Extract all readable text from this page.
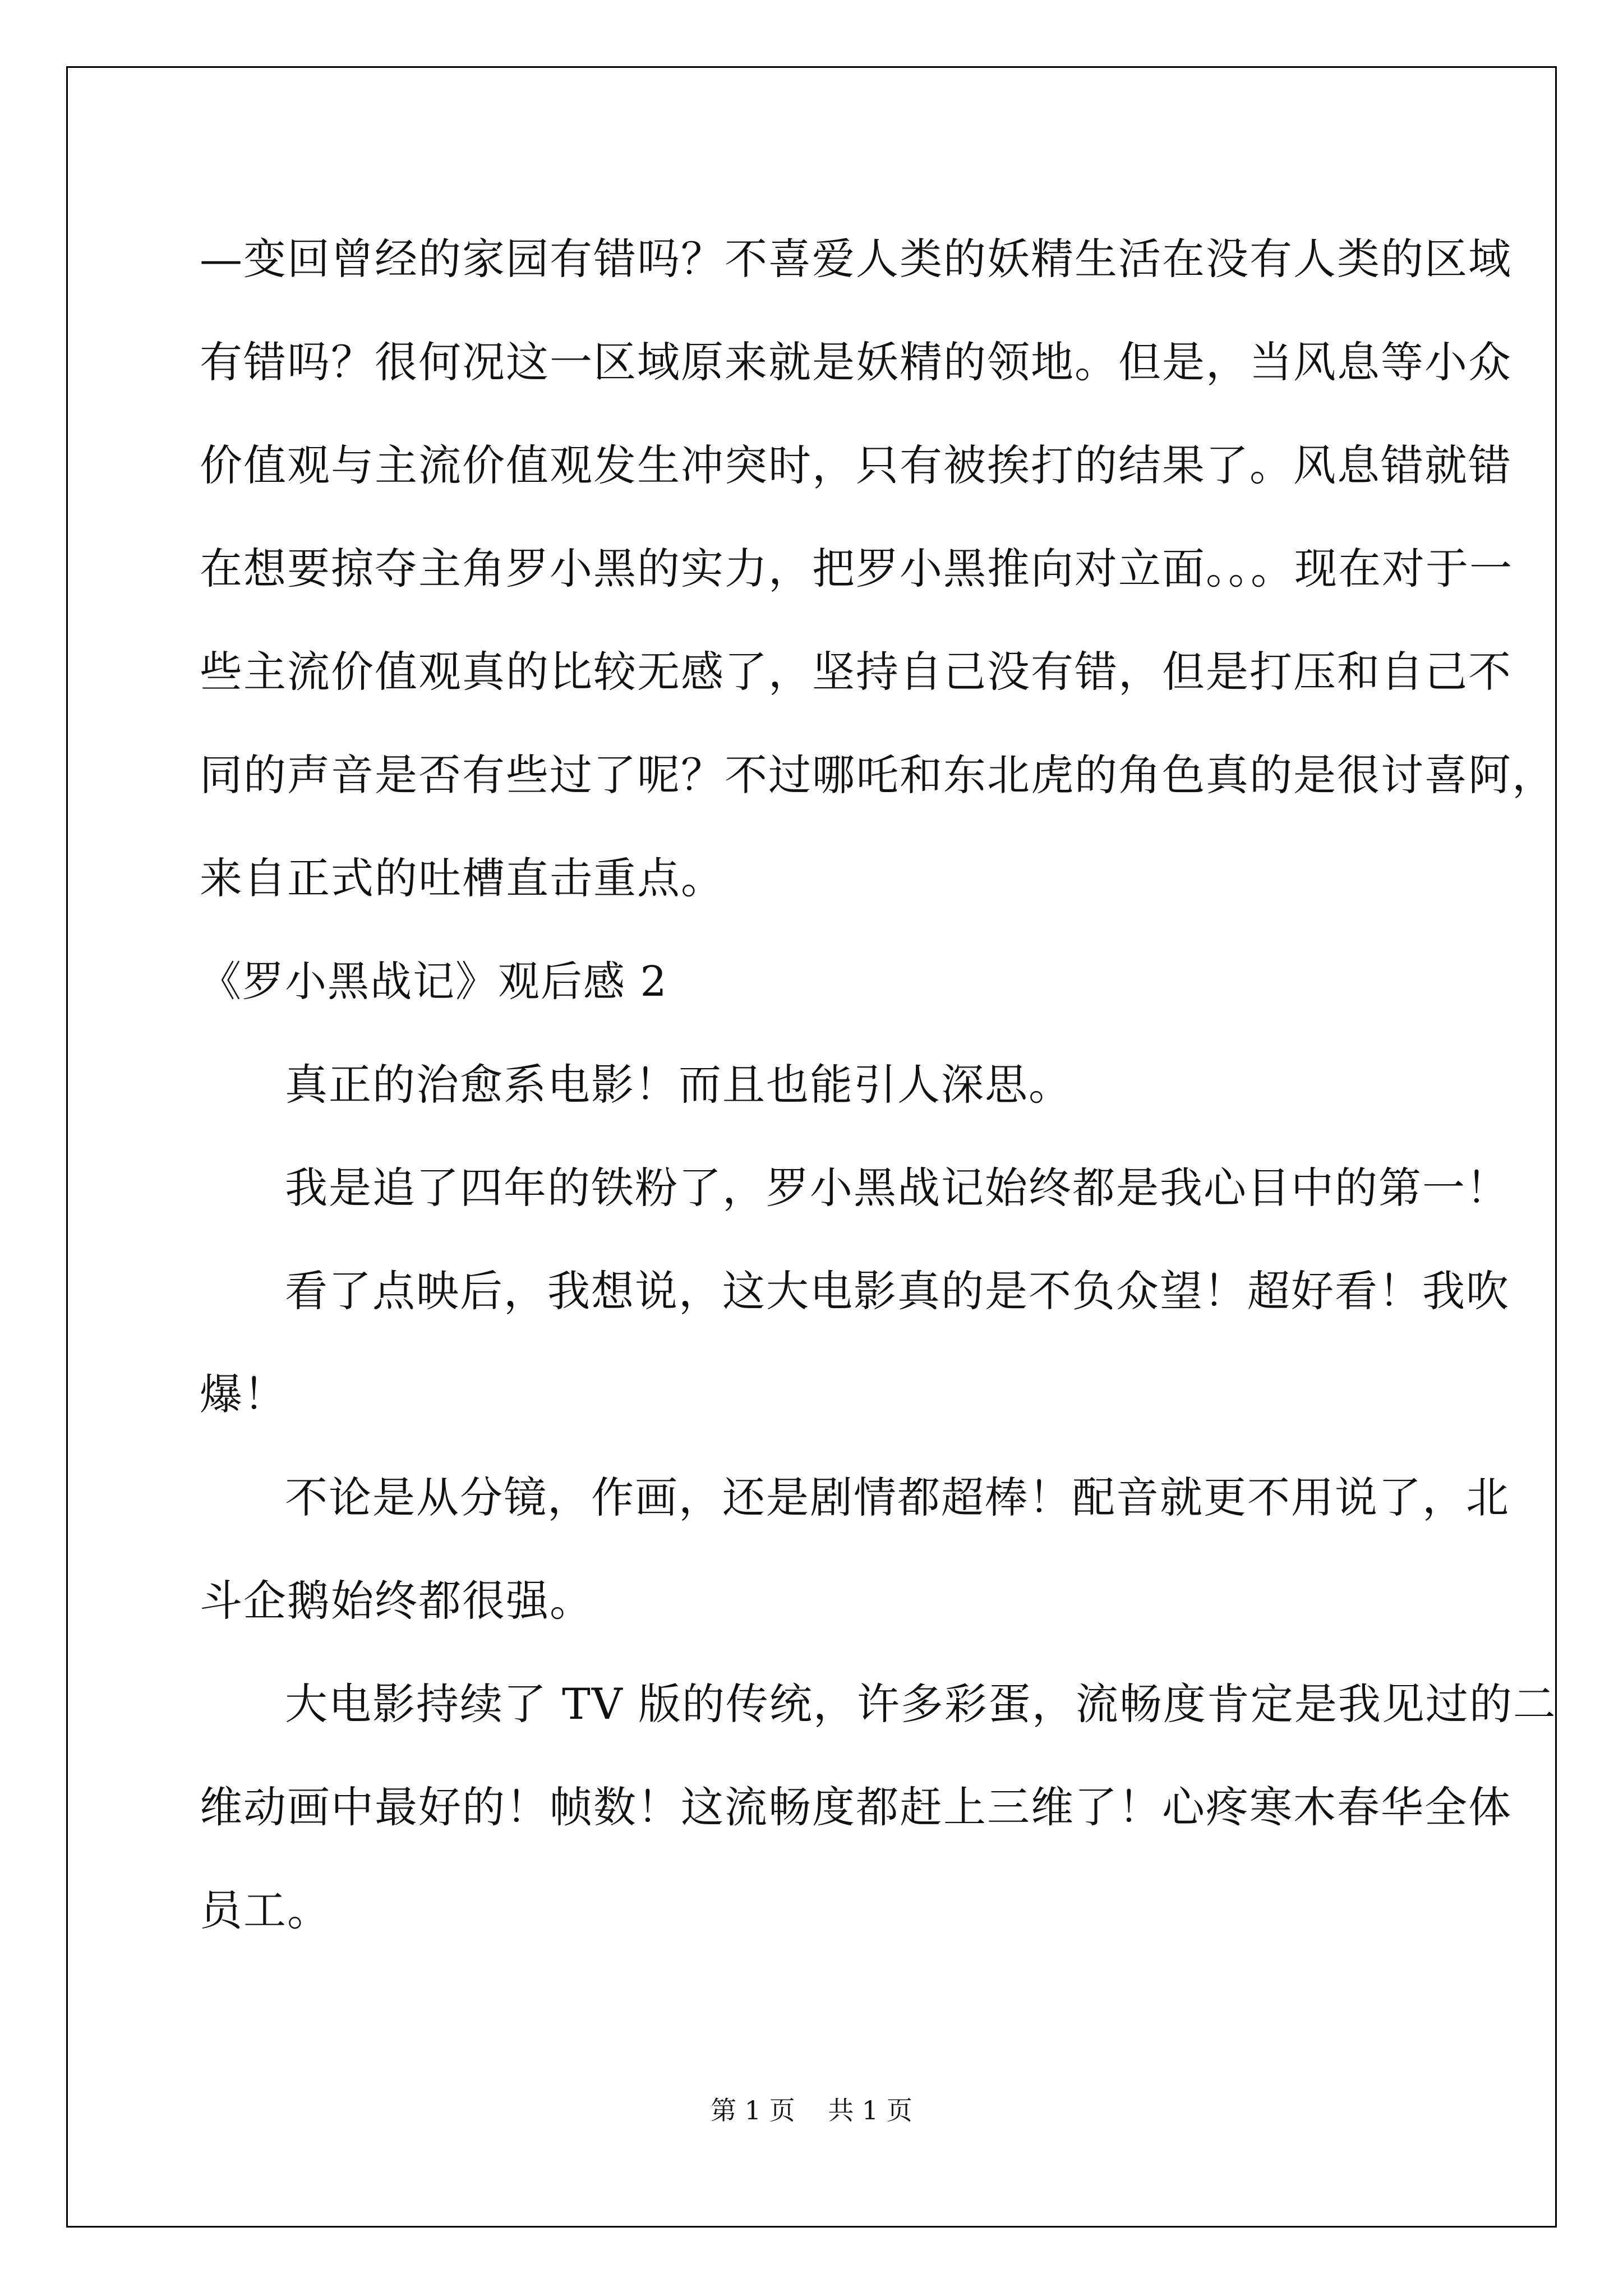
—变回曾经的家园有错吗？不喜爱人类的妖精生活在没有人类的区域

有错吗？很何况这一区域原来就是妖精的领地。但是，当风息等小众

价值观与主流价值观发生冲突时，只有被挨打的结果了。风息错就错

在想要掠夺主角罗小黑的实力，把罗小黑推向对立面。。。现在对于一

些主流价值观真的比较无感了，坚持自己没有错，但是打压和自己不

同的声音是否有些过了呢？不过哪吒和东北虎的角色真的是很讨喜阿，

来自正式的吐槽直击重点。

《罗小黑战记》观后感 2

真正的治愈系电影！而且也能引人深思。

我是追了四年的铁粉了，罗小黑战记始终都是我心目中的第一！

看了点映后，我想说，这大电影真的是不负众望！超好看！我吹

爆！

不论是从分镜，作画，还是剧情都超棒！配音就更不用说了，北

斗企鹅始终都很强。

大电影持续了 TV 版的传统，许多彩蛋，流畅度肯定是我见过的二

维动画中最好的！帧数！这流畅度都赶上三维了！心疼寒木春华全体

员工。

第 1 页 共 1 页
